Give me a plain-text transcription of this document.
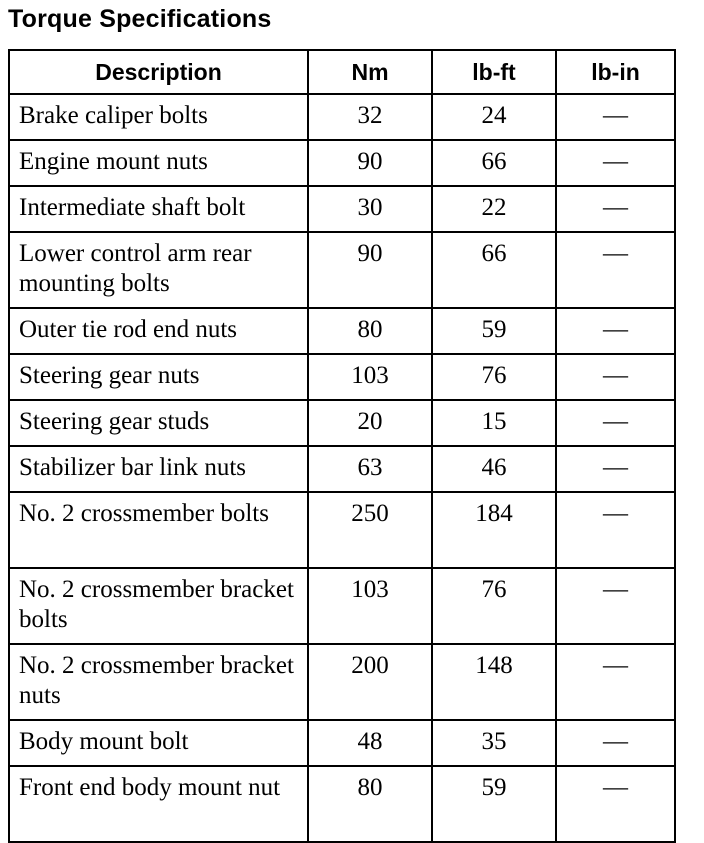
Torque Specifications
Description	Nm	lb-ft	lb-in
Brake caliper bolts	32	24	—
Engine mount nuts	90	66	—
Intermediate shaft bolt	30	22	—
Lower control arm rear mounting bolts	90	66	—
Outer tie rod end nuts	80	59	—
Steering gear nuts	103	76	—
Steering gear studs	20	15	—
Stabilizer bar link nuts	63	46	—
No. 2 crossmember bolts	250	184	—
No. 2 crossmember bracket bolts	103	76	—
No. 2 crossmember bracket nuts	200	148	—
Body mount bolt	48	35	—
Front end body mount nut	80	59	—
